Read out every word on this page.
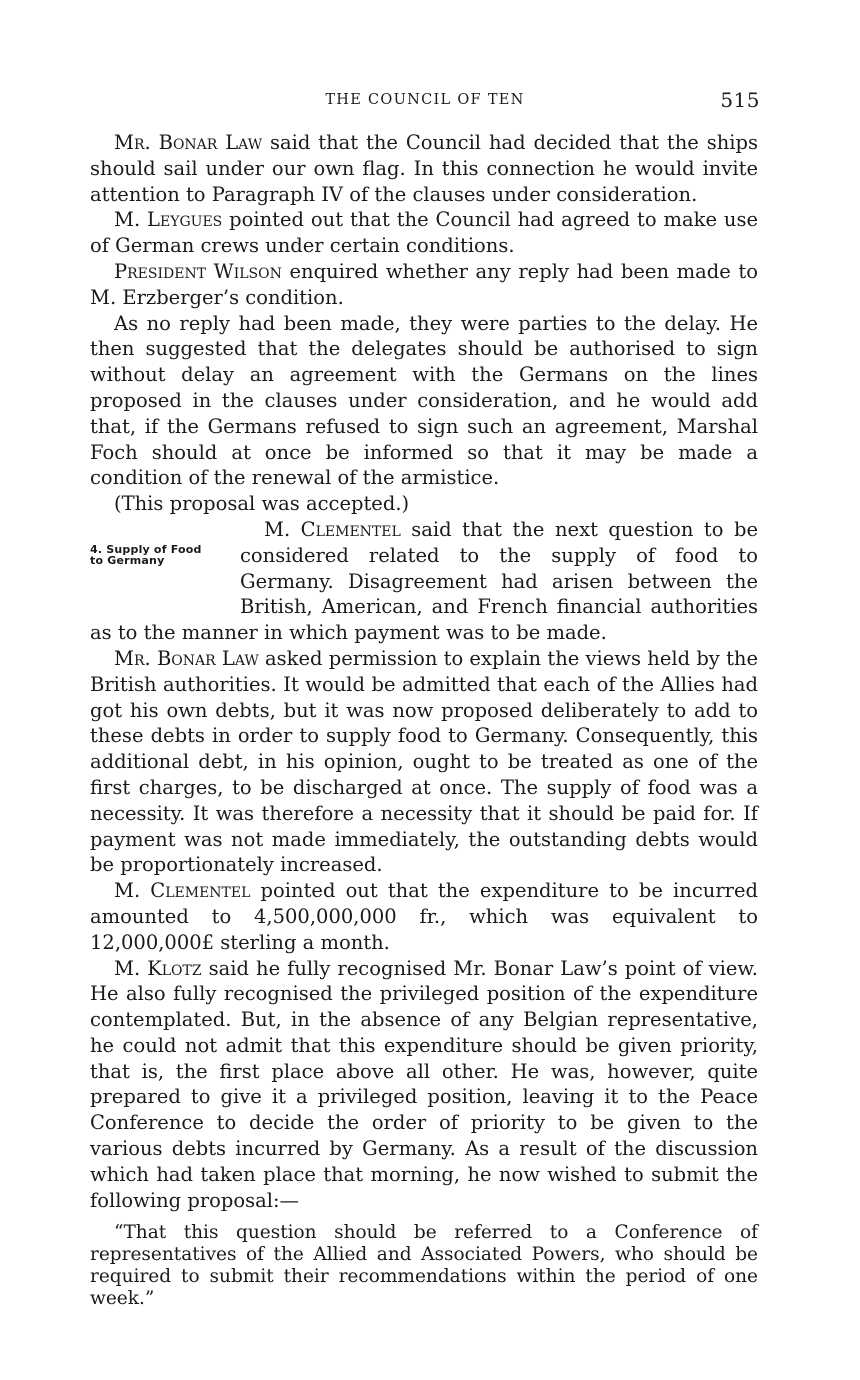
THE COUNCIL OF TEN	515

Mr. Bonar Law said that the Council had decided that the ships should sail under our own flag. In this connection he would invite attention to Paragraph IV of the clauses under consideration.

M. Leygues pointed out that the Council had agreed to make use of German crews under certain conditions.

President Wilson enquired whether any reply had been made to M. Erzberger’s condition.

As no reply had been made, they were parties to the delay. He then suggested that the delegates should be authorised to sign without delay an agreement with the Germans on the lines proposed in the clauses under consideration, and he would add that, if the Germans refused to sign such an agreement, Marshal Foch should at once be informed so that it may be made a condition of the renewal of the armistice.

(This proposal was accepted.)

4. Supply of Food
to Germany
M. Clementel said that the next question to be considered related to the supply of food to Germany. Disagreement had arisen between the British, American, and French financial authorities as to the manner in which payment was to be made.

Mr. Bonar Law asked permission to explain the views held by the British authorities. It would be admitted that each of the Allies had got his own debts, but it was now proposed deliberately to add to these debts in order to supply food to Germany. Consequently, this additional debt, in his opinion, ought to be treated as one of the first charges, to be discharged at once. The supply of food was a necessity. It was therefore a necessity that it should be paid for. If payment was not made immediately, the outstanding debts would be proportionately increased.

M. Clementel pointed out that the expenditure to be incurred amounted to 4,500,000,000 fr., which was equivalent to 12,000,000£ sterling a month.

M. Klotz said he fully recognised Mr. Bonar Law’s point of view. He also fully recognised the privileged position of the expenditure contemplated. But, in the absence of any Belgian representative, he could not admit that this expenditure should be given priority, that is, the first place above all other. He was, however, quite prepared to give it a privileged position, leaving it to the Peace Conference to decide the order of priority to be given to the various debts incurred by Germany. As a result of the discussion which had taken place that morning, he now wished to submit the following proposal:—

“That this question should be referred to a Conference of representatives of the Allied and Associated Powers, who should be required to submit their recommendations within the period of one week.”
